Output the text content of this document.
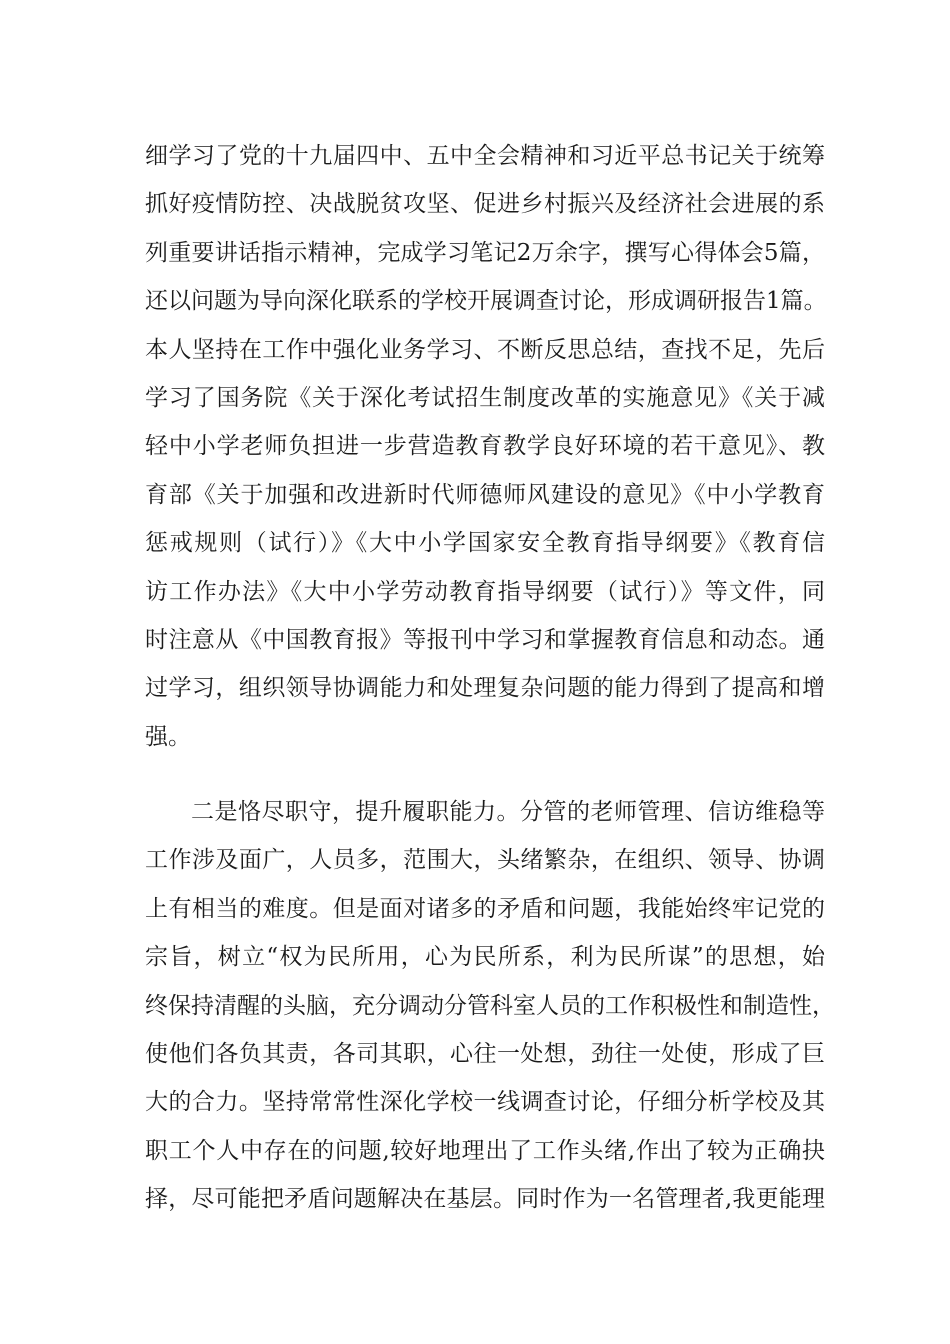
细学习了党的十九届四中、五中全会精神和习近平总书记关于统筹
抓好疫情防控、决战脱贫攻坚、促进乡村振兴及经济社会进展的系
列重要讲话指示精神，完成学习笔记2万余字，撰写心得体会5篇，
还以问题为导向深化联系的学校开展调查讨论，形成调研报告1篇。
本人坚持在工作中强化业务学习、不断反思总结，查找不足，先后
学习了国务院《关于深化考试招生制度改革的实施意见》《关于减
轻中小学老师负担进一步营造教育教学良好环境的若干意见》、教
育部《关于加强和改进新时代师德师风建设的意见》《中小学教育
惩戒规则（试行）》《大中小学国家安全教育指导纲要》《教育信
访工作办法》《大中小学劳动教育指导纲要（试行）》等文件，同
时注意从《中国教育报》等报刊中学习和掌握教育信息和动态。通
过学习，组织领导协调能力和处理复杂问题的能力得到了提高和增
强。
二是恪尽职守，提升履职能力。分管的老师管理、信访维稳等
工作涉及面广，人员多，范围大，头绪繁杂，在组织、领导、协调
上有相当的难度。但是面对诸多的矛盾和问题，我能始终牢记党的
宗旨，树立“权为民所用，心为民所系，利为民所谋”的思想，始
终保持清醒的头脑，充分调动分管科室人员的工作积极性和制造性，
使他们各负其责，各司其职，心往一处想，劲往一处使，形成了巨
大的合力。坚持常常性深化学校一线调查讨论，仔细分析学校及其
职工个人中存在的问题,较好地理出了工作头绪,作出了较为正确抉
择，尽可能把矛盾问题解决在基层。同时作为一名管理者,我更能理
